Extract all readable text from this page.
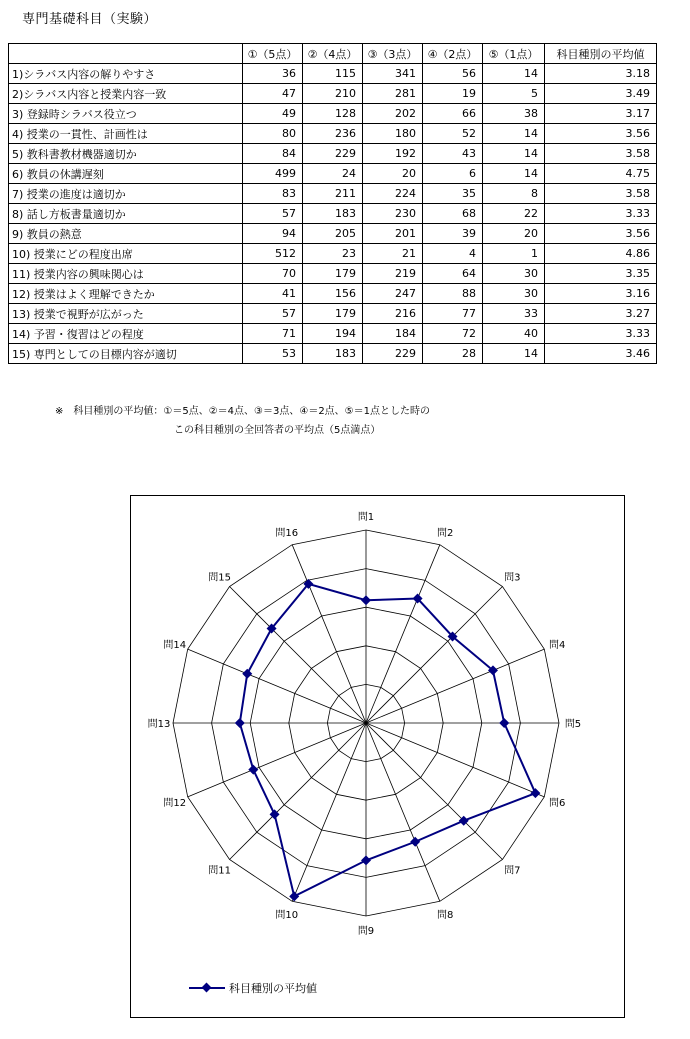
専門基礎科目（実験）
	①（5点）	②（4点）	③（3点）	④（2点）	⑤（1点）	科目種別の平均値
1)シラバス内容の解りやすさ	36	115	341	56	14	3.18
2)シラバス内容と授業内容一致	47	210	281	19	5	3.49
3) 登録時シラバス役立つ	49	128	202	66	38	3.17
4) 授業の一貫性、計画性は	80	236	180	52	14	3.56
5) 教科書教材機器適切か	84	229	192	43	14	3.58
6) 教員の休講遅刻	499	24	20	6	14	4.75
7) 授業の進度は適切か	83	211	224	35	8	3.58
8) 話し方板書量適切か	57	183	230	68	22	3.33
9) 教員の熱意	94	205	201	39	20	3.56
10) 授業にどの程度出席	512	23	21	4	1	4.86
11) 授業内容の興味関心は	70	179	219	64	30	3.35
12) 授業はよく理解できたか	41	156	247	88	30	3.16
13) 授業で視野が広がった	57	179	216	77	33	3.27
14) 予習・復習はどの程度	71	194	184	72	40	3.33
15) 専門としての目標内容が適切	53	183	229	28	14	3.46
※　科目種別の平均値：①＝5点、②＝4点、③＝3点、④＝2点、⑤＝1点とした時の
この科目種別の全回答者の平均点（5点満点）
問1
問2
問3
問4
問5
問6
問7
問8
問9
問10
問11
問12
問13
問14
問15
問16
科目種別の平均値
